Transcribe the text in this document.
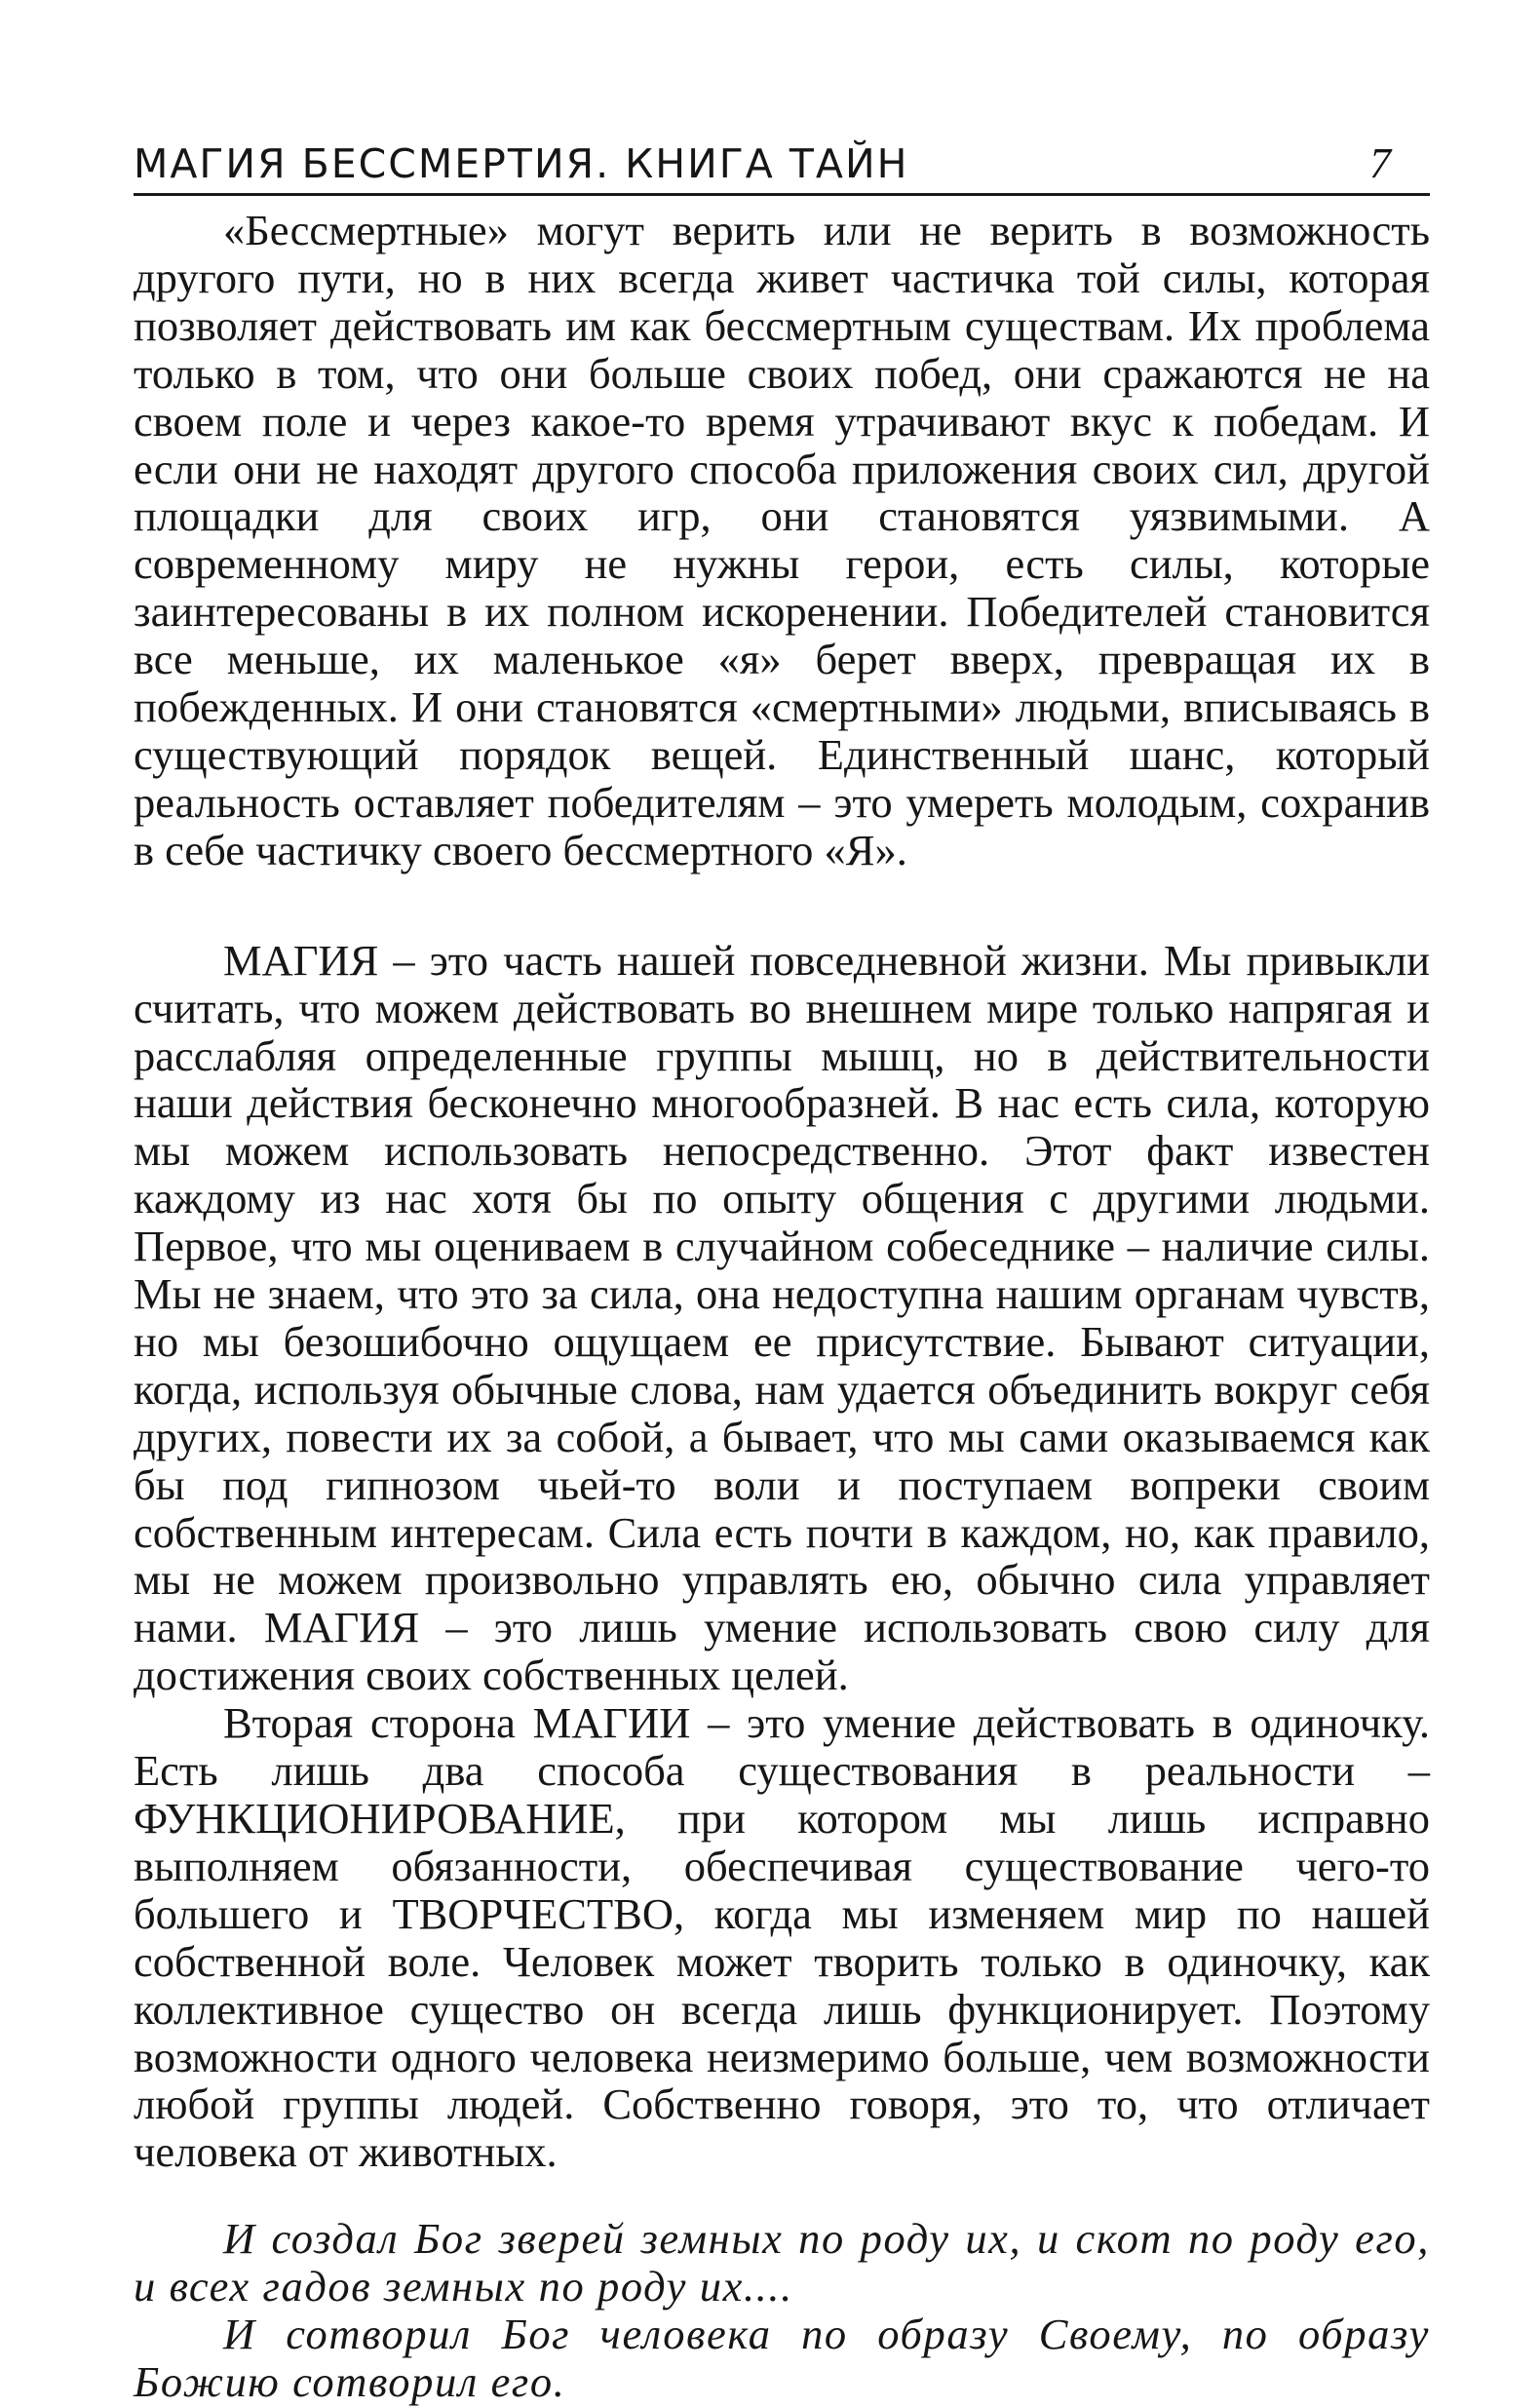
МАГИЯ БЕССМЕРТИЯ. КНИГА ТАЙН	7

«Бессмертные» могут верить или не верить в возможность другого пути, но в них всегда живет частичка той силы, которая позволяет действовать им как бессмертным существам. Их проблема только в том, что они больше своих побед, они сражаются не на своем поле и через какое-то время утрачивают вкус к победам. И если они не находят другого способа приложения своих сил, другой площадки для своих игр, они становятся уязвимыми. А современному миру не нужны герои, есть силы, которые заинтересованы в их полном искоренении. Победителей становится все меньше, их маленькое «я» берет вверх, превращая их в побежденных. И они становятся «смертными» людьми, вписываясь в существующий порядок вещей. Единственный шанс, который реальность оставляет победителям – это умереть молодым, сохранив в себе частичку своего бессмертного «Я».

МАГИЯ – это часть нашей повседневной жизни. Мы привыкли считать, что можем действовать во внешнем мире только напрягая и расслабляя определенные группы мышц, но в действительности наши действия бесконечно многообразней. В нас есть сила, которую мы можем использовать непосредственно. Этот факт известен каждому из нас хотя бы по опыту общения с другими людьми. Первое, что мы оцениваем в случайном собеседнике – наличие силы. Мы не знаем, что это за сила, она недоступна нашим органам чувств, но мы безошибочно ощущаем ее присутствие. Бывают ситуации, когда, используя обычные слова, нам удается объединить вокруг себя других, повести их за собой, а бывает, что мы сами оказываемся как бы под гипнозом чьей-то воли и поступаем вопреки своим собственным интересам. Сила есть почти в каждом, но, как правило, мы не можем произвольно управлять ею, обычно сила управляет нами. МАГИЯ – это лишь умение использовать свою силу для достижения своих собственных целей.

Вторая сторона МАГИИ – это умение действовать в одиночку. Есть лишь два способа существования в реальности – ФУНКЦИОНИРОВАНИЕ, при котором мы лишь исправно выполняем обязанности, обеспечивая существование чего-то большего и ТВОРЧЕСТВО, когда мы изменяем мир по нашей собственной воле. Человек может творить только в одиночку, как коллективное существо он всегда лишь функционирует. Поэтому возможности одного человека неизмеримо больше, чем возможности любой группы людей. Собственно говоря, это то, что отличает человека от животных.

И создал Бог зверей земных по роду их, и скот по роду его, и всех гадов земных по роду их....

И сотворил Бог человека по образу Своему, по образу Божию сотворил его.
